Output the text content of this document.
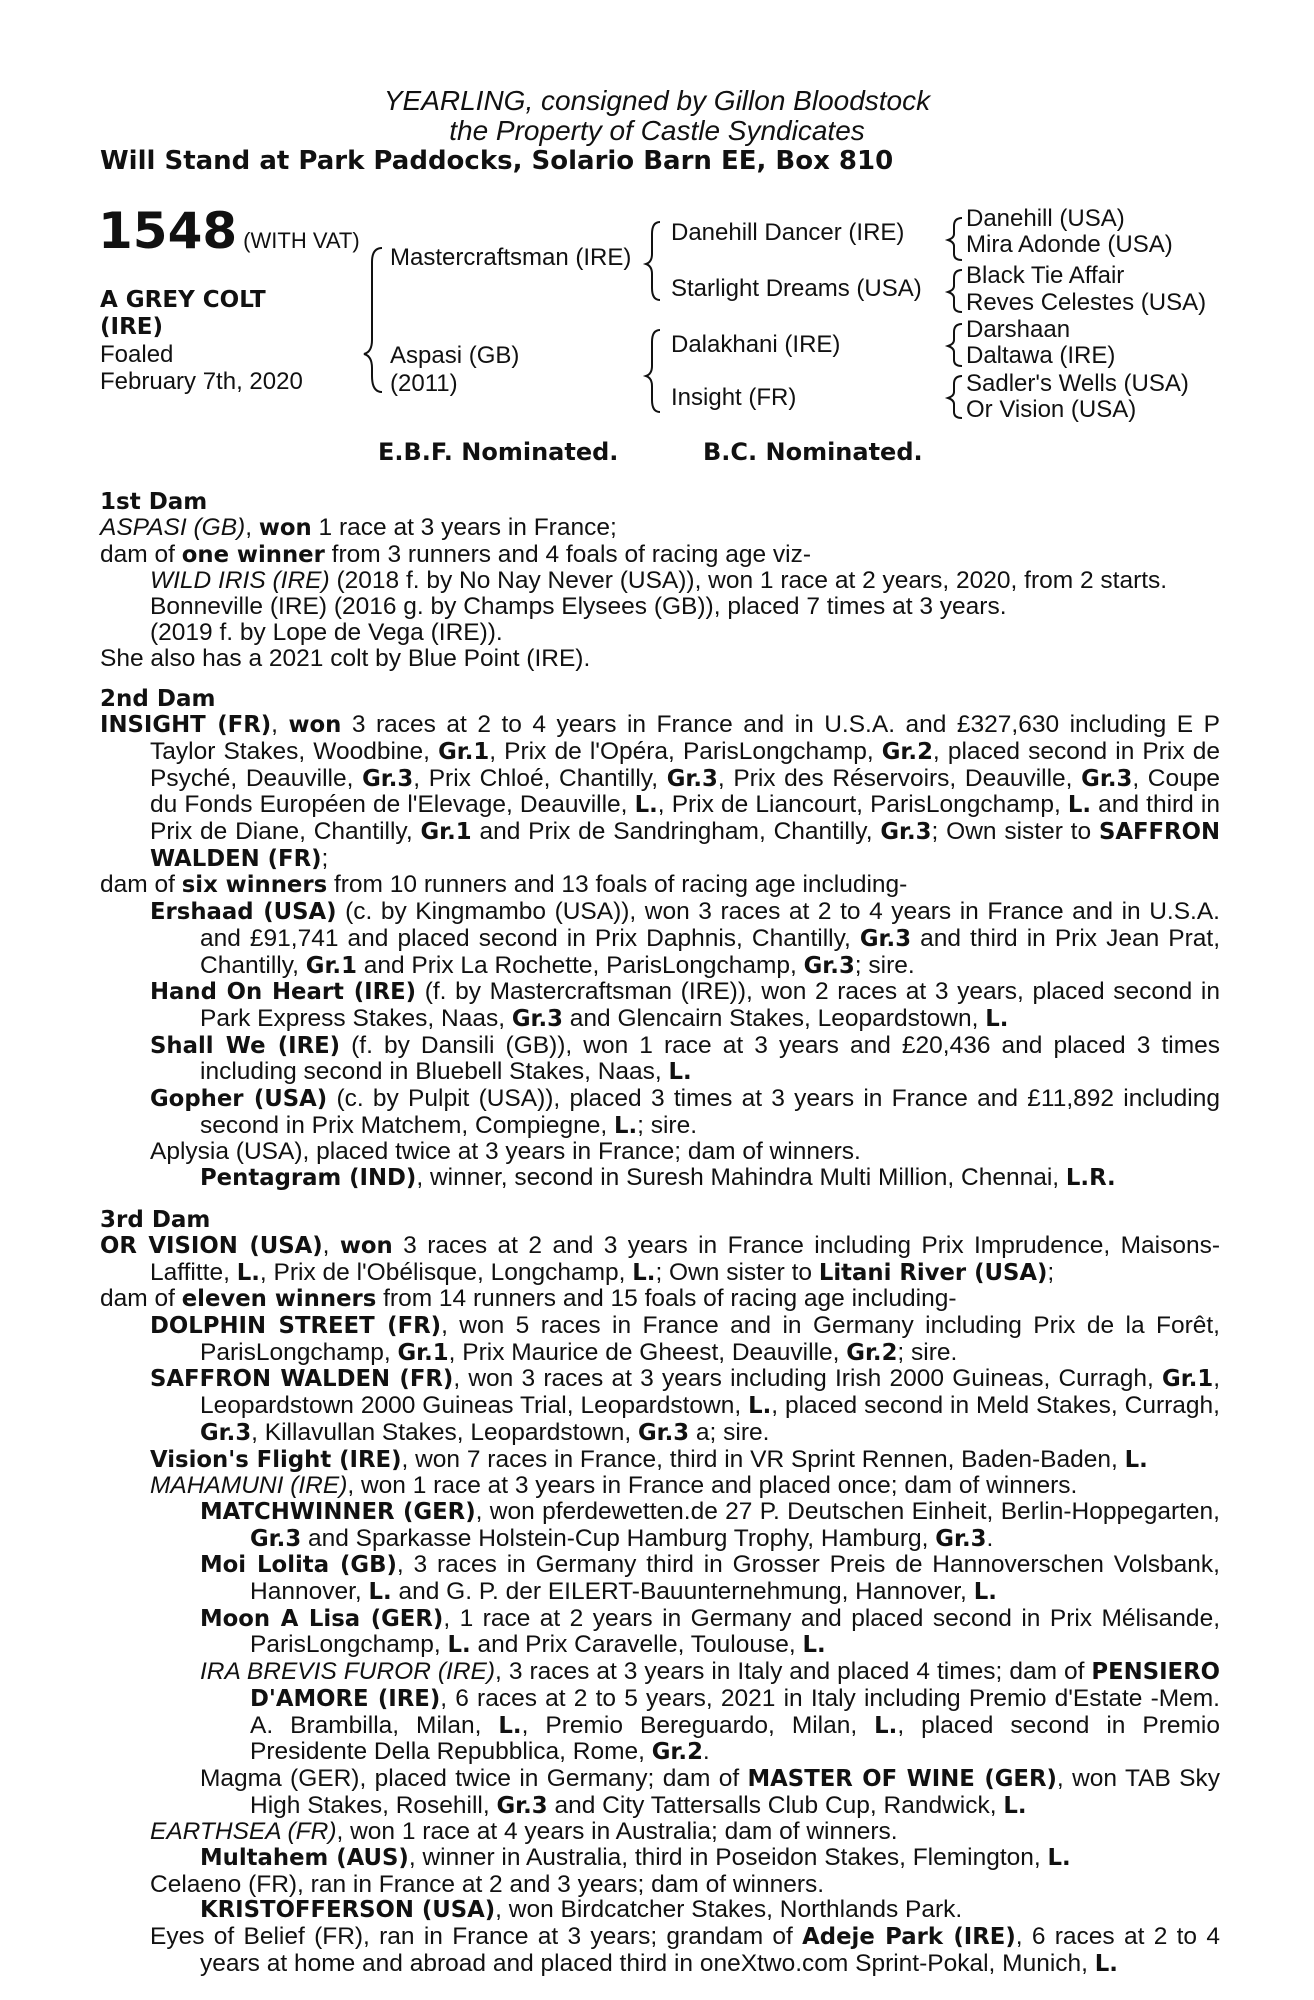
YEARLING, consigned by Gillon Bloodstock
the Property of Castle Syndicates
Will Stand at Park Paddocks, Solario Barn EE, Box 810
1548 (WITH VAT)
A GREY COLT
(IRE)
Foaled
February 7th, 2020
Mastercraftsman (IRE)
Aspasi (GB)
(2011)
Danehill Dancer (IRE)
Starlight Dreams (USA)
Dalakhani (IRE)
Insight (FR)
Danehill (USA)
Mira Adonde (USA)
Black Tie Affair
Reves Celestes (USA)
Darshaan
Daltawa (IRE)
Sadler's Wells (USA)
Or Vision (USA)
E.B.F. Nominated.	B.C. Nominated.
1st Dam

ASPASI (GB), won 1 race at 3 years in France;

dam of one winner from 3 runners and 4 foals of racing age viz-

WILD IRIS (IRE) (2018 f. by No Nay Never (USA)), won 1 race at 2 years, 2020, from 2 starts.

Bonneville (IRE) (2016 g. by Champs Elysees (GB)), placed 7 times at 3 years.

(2019 f. by Lope de Vega (IRE)).

She also has a 2021 colt by Blue Point (IRE).

2nd Dam

INSIGHT (FR), won 3 races at 2 to 4 years in France and in U.S.A. and £327,630 including E P Taylor Stakes, Woodbine, Gr.1, Prix de l'Opéra, ParisLongchamp, Gr.2, placed second in Prix de Psyché, Deauville, Gr.3, Prix Chloé, Chantilly, Gr.3, Prix des Réservoirs, Deauville, Gr.3, Coupe du Fonds Européen de l'Elevage, Deauville, L., Prix de Liancourt, ParisLongchamp, L. and third in Prix de Diane, Chantilly, Gr.1 and Prix de Sandringham, Chantilly, Gr.3; Own sister to SAFFRON WALDEN (FR);

dam of six winners from 10 runners and 13 foals of racing age including-

Ershaad (USA) (c. by Kingmambo (USA)), won 3 races at 2 to 4 years in France and in U.S.A. and £91,741 and placed second in Prix Daphnis, Chantilly, Gr.3 and third in Prix Jean Prat, Chantilly, Gr.1 and Prix La Rochette, ParisLongchamp, Gr.3; sire.

Hand On Heart (IRE) (f. by Mastercraftsman (IRE)), won 2 races at 3 years, placed second in Park Express Stakes, Naas, Gr.3 and Glencairn Stakes, Leopardstown, L.

Shall We (IRE) (f. by Dansili (GB)), won 1 race at 3 years and £20,436 and placed 3 times including second in Bluebell Stakes, Naas, L.

Gopher (USA) (c. by Pulpit (USA)), placed 3 times at 3 years in France and £11,892 including second in Prix Matchem, Compiegne, L.; sire.

Aplysia (USA), placed twice at 3 years in France; dam of winners.

Pentagram (IND), winner, second in Suresh Mahindra Multi Million, Chennai, L.R.

3rd Dam

OR VISION (USA), won 3 races at 2 and 3 years in France including Prix Imprudence, Maisons-Laffitte, L., Prix de l'Obélisque, Longchamp, L.; Own sister to Litani River (USA);

dam of eleven winners from 14 runners and 15 foals of racing age including-

DOLPHIN STREET (FR), won 5 races in France and in Germany including Prix de la Forêt, ParisLongchamp, Gr.1, Prix Maurice de Gheest, Deauville, Gr.2; sire.

SAFFRON WALDEN (FR), won 3 races at 3 years including Irish 2000 Guineas, Curragh, Gr.1, Leopardstown 2000 Guineas Trial, Leopardstown, L., placed second in Meld Stakes, Curragh, Gr.3, Killavullan Stakes, Leopardstown, Gr.3 a; sire.

Vision's Flight (IRE), won 7 races in France, third in VR Sprint Rennen, Baden-Baden, L.

MAHAMUNI (IRE), won 1 race at 3 years in France and placed once; dam of winners.

MATCHWINNER (GER), won pferdewetten.de 27 P. Deutschen Einheit, Berlin-Hoppegarten, Gr.3 and Sparkasse Holstein-Cup Hamburg Trophy, Hamburg, Gr.3.

Moi Lolita (GB), 3 races in Germany third in Grosser Preis de Hannoverschen Volsbank, Hannover, L. and G. P. der EILERT-Bauunternehmung, Hannover, L.

Moon A Lisa (GER), 1 race at 2 years in Germany and placed second in Prix Mélisande, ParisLongchamp, L. and Prix Caravelle, Toulouse, L.

IRA BREVIS FUROR (IRE), 3 races at 3 years in Italy and placed 4 times; dam of PENSIERO D'AMORE (IRE), 6 races at 2 to 5 years, 2021 in Italy including Premio d'Estate -Mem. A. Brambilla, Milan, L., Premio Bereguardo, Milan, L., placed second in Premio Presidente Della Repubblica, Rome, Gr.2.

Magma (GER), placed twice in Germany; dam of MASTER OF WINE (GER), won TAB Sky High Stakes, Rosehill, Gr.3 and City Tattersalls Club Cup, Randwick, L.

EARTHSEA (FR), won 1 race at 4 years in Australia; dam of winners.

Multahem (AUS), winner in Australia, third in Poseidon Stakes, Flemington, L.

Celaeno (FR), ran in France at 2 and 3 years; dam of winners.

KRISTOFFERSON (USA), won Birdcatcher Stakes, Northlands Park.

Eyes of Belief (FR), ran in France at 3 years; grandam of Adeje Park (IRE), 6 races at 2 to 4 years at home and abroad and placed third in oneXtwo.com Sprint-Pokal, Munich, L.
